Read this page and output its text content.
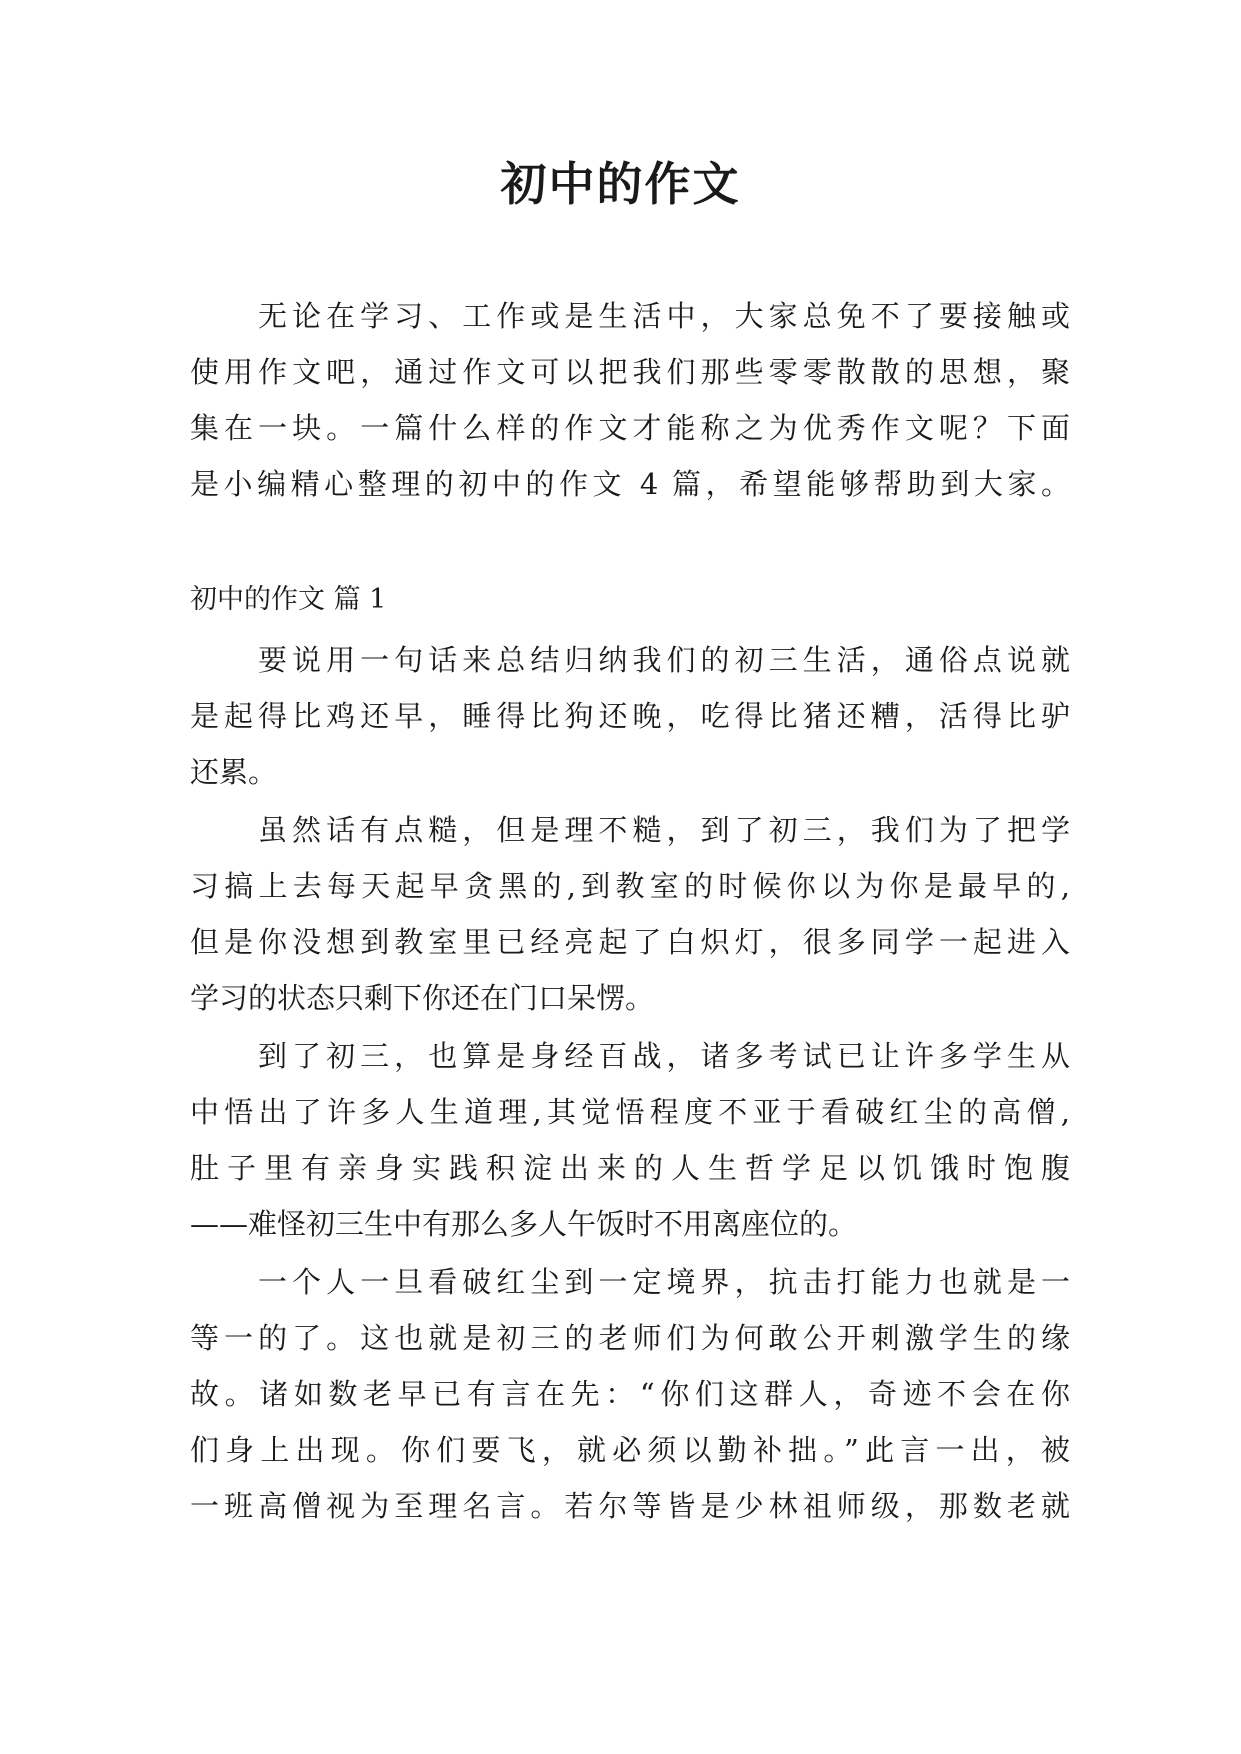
初中的作文
无论在学习、工作或是生活中，大家总免不了要接触或
使用作文吧，通过作文可以把我们那些零零散散的思想，聚
集在一块。一篇什么样的作文才能称之为优秀作文呢？下面
是小编精心整理的初中的作文 4 篇，希望能够帮助到大家。
初中的作文 篇 1
要说用一句话来总结归纳我们的初三生活，通俗点说就
是起得比鸡还早，睡得比狗还晚，吃得比猪还糟，活得比驴
还累。
虽然话有点糙，但是理不糙，到了初三，我们为了把学
习搞上去每天起早贪黑的,到教室的时候你以为你是最早的,
但是你没想到教室里已经亮起了白炽灯，很多同学一起进入
学习的状态只剩下你还在门口呆愣。
到了初三，也算是身经百战，诸多考试已让许多学生从
中悟出了许多人生道理,其觉悟程度不亚于看破红尘的高僧,
肚子里有亲身实践积淀出来的人生哲学足以饥饿时饱腹
——难怪初三生中有那么多人午饭时不用离座位的。
一个人一旦看破红尘到一定境界，抗击打能力也就是一
等一的了。这也就是初三的老师们为何敢公开刺激学生的缘
故。诸如数老早已有言在先：“你们这群人，奇迹不会在你
们身上出现。你们要飞，就必须以勤补拙。”此言一出，被
一班高僧视为至理名言。若尔等皆是少林祖师级，那数老就
